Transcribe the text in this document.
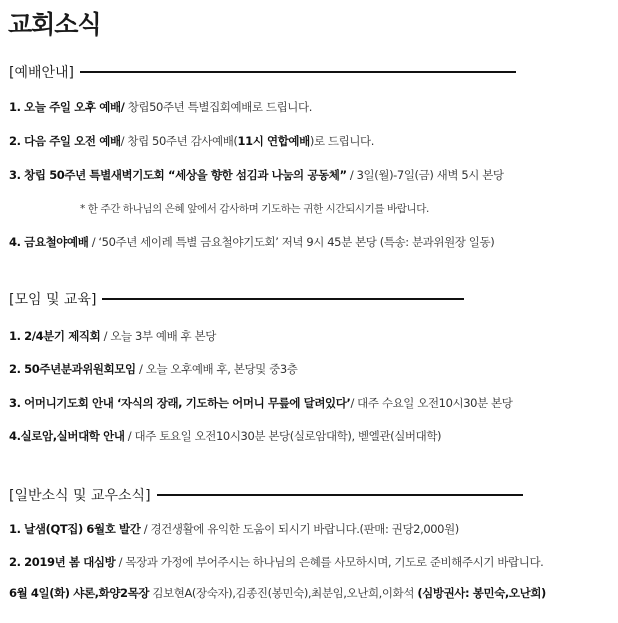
교회소식
[예배안내]
1. 오늘 주일 오후 예배/ 창립50주년 특별집회예배로 드립니다.
2. 다음 주일 오전 예배/ 창립 50주년 감사예배(11시 연합예배)로 드립니다.
3. 창립 50주년 특별새벽기도회 “세상을 향한 섬김과 나눔의 공동체” / 3일(월)-7일(금) 새벽 5시 본당
* 한 주간 하나님의 은혜 앞에서 감사하며 기도하는 귀한 시간되시기를 바랍니다.
4. 금요철야예배 / ‘50주년 세이레 특별 금요철야기도회’ 저녁 9시 45분 본당 (특송: 분과위원장 일동)
[모임 및 교육]
1. 2/4분기 제직회 / 오늘 3부 예배 후 본당
2. 50주년분과위원회모임 / 오늘 오후예배 후, 본당및 중3층
3. 어머니기도회 안내 ‘자식의 장래, 기도하는 어머니 무릎에 달려있다’/ 대주 수요일 오전10시30분 본당
4.실로암,실버대학 안내 / 대주 토요일 오전10시30분 본당(실로암대학), 벧엘관(실버대학)
[일반소식 및 교우소식]
1. 날샘(QT집) 6월호 발간 / 경건생활에 유익한 도움이 되시기 바랍니다.(판매: 권당2,000원)
2. 2019년 봄 대심방 / 목장과 가정에 부어주시는 하나님의 은혜를 사모하시며, 기도로 준비해주시기 바랍니다.
6월 4일(화) 샤론,화양2목장 김보현A(장숙자),김종진(봉민숙),최분임,오난희,이화석 (심방권사: 봉민숙,오난희)
